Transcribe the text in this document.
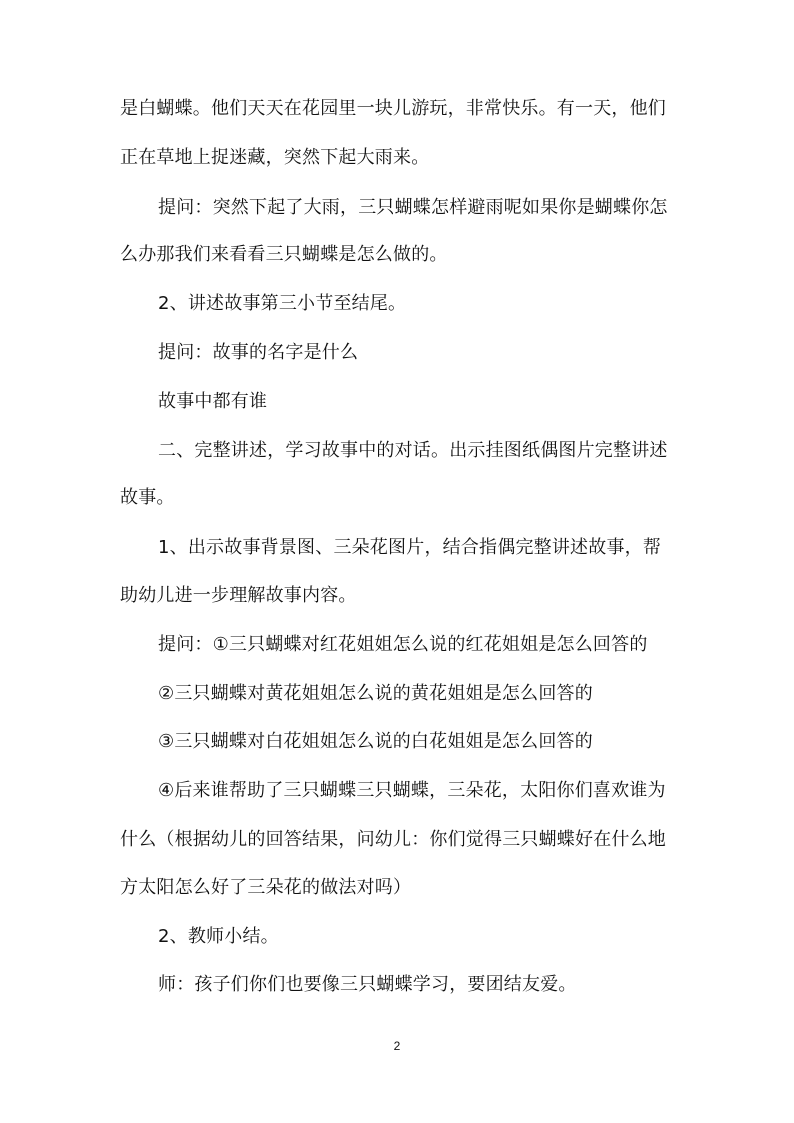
是白蝴蝶。他们天天在花园里一块儿游玩，非常快乐。有一天，他们
正在草地上捉迷藏，突然下起大雨来。
提问：突然下起了大雨，三只蝴蝶怎样避雨呢如果你是蝴蝶你怎
么办那我们来看看三只蝴蝶是怎么做的。
2、讲述故事第三小节至结尾。
提问：故事的名字是什么
故事中都有谁
二、完整讲述，学习故事中的对话。出示挂图纸偶图片完整讲述
故事。
1、出示故事背景图、三朵花图片，结合指偶完整讲述故事，帮
助幼儿进一步理解故事内容。
提问：①三只蝴蝶对红花姐姐怎么说的红花姐姐是怎么回答的
②三只蝴蝶对黄花姐姐怎么说的黄花姐姐是怎么回答的
③三只蝴蝶对白花姐姐怎么说的白花姐姐是怎么回答的
④后来谁帮助了三只蝴蝶三只蝴蝶，三朵花，太阳你们喜欢谁为
什么（根据幼儿的回答结果，问幼儿：你们觉得三只蝴蝶好在什么地
方太阳怎么好了三朵花的做法对吗）
2、教师小结。
师：孩子们你们也要像三只蝴蝶学习，要团结友爱。
2
